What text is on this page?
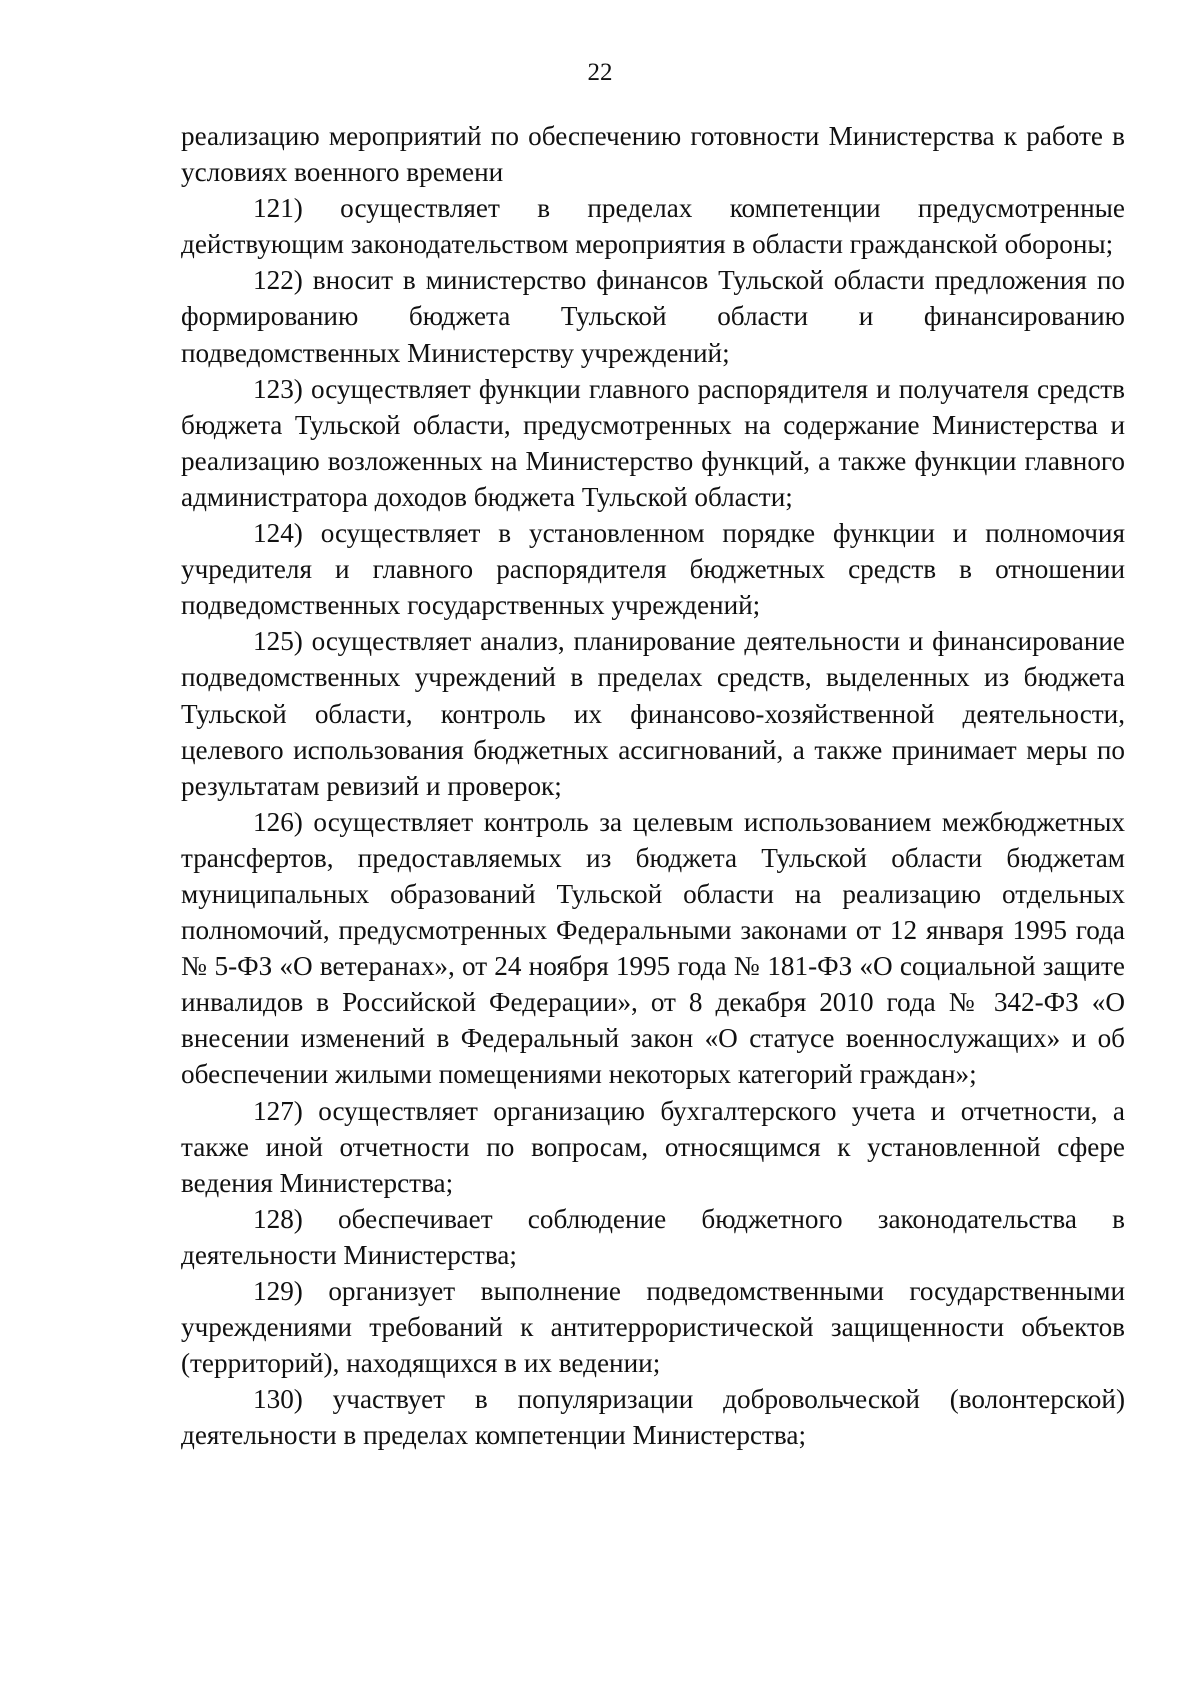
22

реализацию мероприятий по обеспечению готовности Министерства к работе в условиях военного времени

121) осуществляет в пределах компетенции предусмотренные действующим законодательством мероприятия в области гражданской обороны;

122) вносит в министерство финансов Тульской области предложения по формированию бюджета Тульской области и финансированию подведомственных Министерству учреждений;

123) осуществляет функции главного распорядителя и получателя средств бюджета Тульской области, предусмотренных на содержание Министерства и реализацию возложенных на Министерство функций, а также функции главного администратора доходов бюджета Тульской области;

124) осуществляет в установленном порядке функции и полномочия учредителя и главного распорядителя бюджетных средств в отношении подведомственных государственных учреждений;

125) осуществляет анализ, планирование деятельности и финансирование подведомственных учреждений в пределах средств, выделенных из бюджета Тульской области, контроль их финансово-хозяйственной деятельности, целевого использования бюджетных ассигнований, а также принимает меры по результатам ревизий и проверок;

126) осуществляет контроль за целевым использованием межбюджетных трансфертов, предоставляемых из бюджета Тульской области бюджетам муниципальных образований Тульской области на реализацию отдельных полномочий, предусмотренных Федеральными законами от 12 января 1995 года № 5-ФЗ «О ветеранах», от 24 ноября 1995 года № 181-ФЗ «О социальной защите инвалидов в Российской Федерации», от 8 декабря 2010 года № 342-ФЗ «О внесении изменений в Федеральный закон «О статусе военнослужащих» и об обеспечении жилыми помещениями некоторых категорий граждан»;

127) осуществляет организацию бухгалтерского учета и отчетности, а также иной отчетности по вопросам, относящимся к установленной сфере ведения Министерства;

128) обеспечивает соблюдение бюджетного законодательства в деятельности Министерства;

129) организует выполнение подведомственными государственными учреждениями требований к антитеррористической защищенности объектов (территорий), находящихся в их ведении;

130) участвует в популяризации добровольческой (волонтерской) деятельности в пределах компетенции Министерства;
